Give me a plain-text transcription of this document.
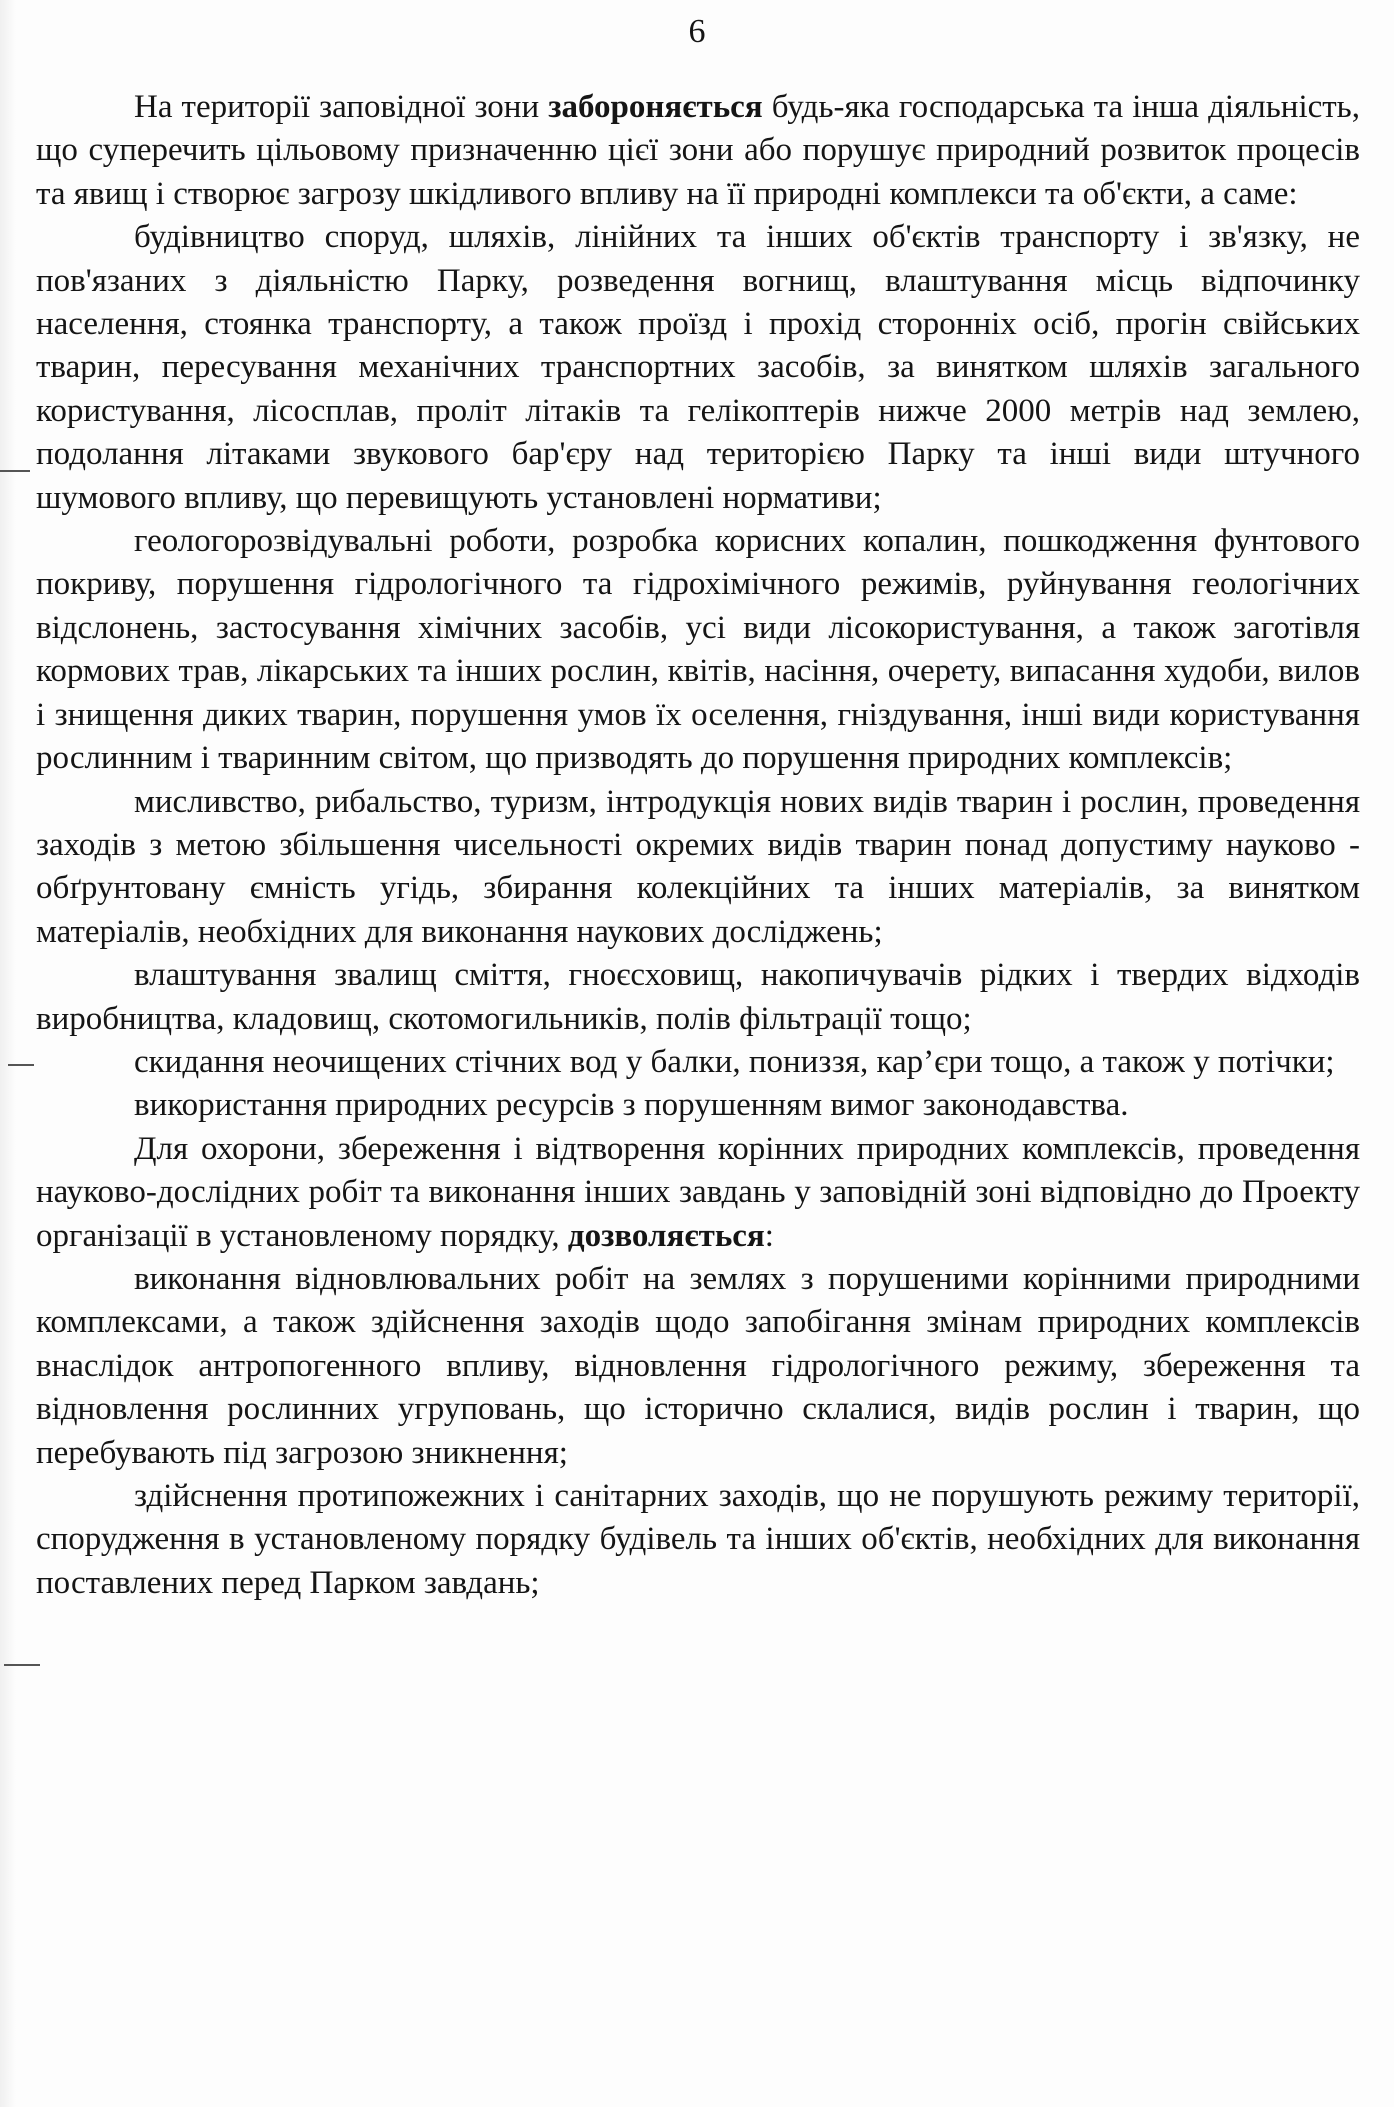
6

На території заповідної зони забороняється будь-яка господарська та інша діяльність, що суперечить цільовому призначенню цієї зони або порушує природний розвиток процесів та явищ і створює загрозу шкідливого впливу на її природні комплекси та об'єкти, а саме:

будівництво споруд, шляхів, лінійних та інших об'єктів транспорту і зв'язку, не пов'язаних з діяльністю Парку, розведення вогнищ, влаштування місць відпочинку населення, стоянка транспорту, а також проїзд і прохід сторонніх осіб, прогін свійських тварин, пересування механічних транспортних засобів, за винятком шляхів загального користування, лісосплав, проліт літаків та гелікоптерів нижче 2000 метрів над землею, подолання літаками звукового бар'єру над територією Парку та інші види штучного шумового впливу, що перевищують установлені нормативи;

геологорозвідувальні роботи, розробка корисних копалин, пошкодження фунтового покриву, порушення гідрологічного та гідрохімічного режимів, руйнування геологічних відслонень, застосування хімічних засобів, усі види лісокористування, а також заготівля кормових трав, лікарських та інших рослин, квітів, насіння, очерету, випасання худоби, вилов і знищення диких тварин, порушення умов їх оселення, гніздування, інші види користування рослинним і тваринним світом, що призводять до порушення природних комплексів;

мисливство, рибальство, туризм, інтродукція нових видів тварин і рослин, проведення заходів з метою збільшення чисельності окремих видів тварин понад допустиму науково - обґрунтовану ємність угідь, збирання колекційних та інших матеріалів, за винятком матеріалів, необхідних для виконання наукових досліджень;

влаштування звалищ сміття, гноєсховищ, накопичувачів рідких і твердих відходів виробництва, кладовищ, скотомогильників, полів фільтрації тощо;

скидання неочищених стічних вод у балки, пониззя, кар’єри тощо, а також у потічки;

використання природних ресурсів з порушенням вимог законодавства.

Для охорони, збереження і відтворення корінних природних комплексів, проведення науково-дослідних робіт та виконання інших завдань у заповідній зоні відповідно до Проекту організації в установленому порядку, дозволяється:

виконання відновлювальних робіт на землях з порушеними корінними природними комплексами, а також здійснення заходів щодо запобігання змінам природних комплексів внаслідок антропогенного впливу, відновлення гідрологічного режиму, збереження та відновлення рослинних угруповань, що історично склалися, видів рослин і тварин, що перебувають під загрозою зникнення;

здійснення протипожежних і санітарних заходів, що не порушують режиму території, спорудження в установленому порядку будівель та інших об'єктів, необхідних для виконання поставлених перед Парком завдань;
